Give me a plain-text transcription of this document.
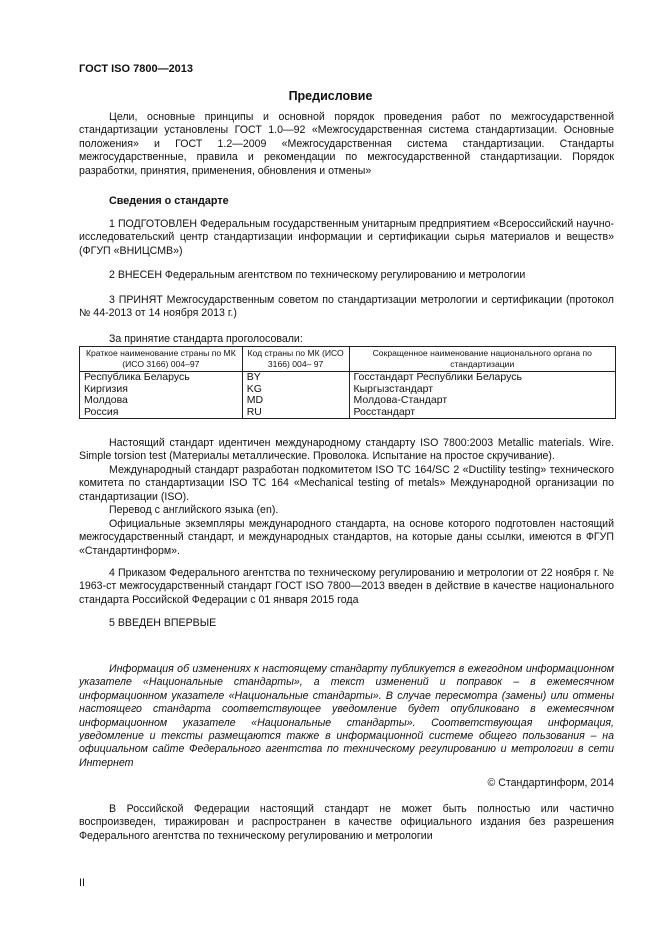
ГОСТ ISO 7800—2013
Предисловие

Цели, основные принципы и основной порядок проведения работ по межгосударственной стандартизации установлены ГОСТ 1.0—92 «Межгосударственная система стандартизации. Основные положения» и ГОСТ 1.2—2009 «Межгосударственная система стандартизации. Стандарты межгосударственные, правила и рекомендации по межгосударственной стандартизации. Порядок разработки, принятия, применения, обновления и отмены»

Сведения о стандарте

1 ПОДГОТОВЛЕН Федеральным государственным унитарным предприятием «Всероссийский научно-исследовательский центр стандартизации информации и сертификации сырья материалов и веществ» (ФГУП «ВНИЦСМВ»)

2 ВНЕСЕН Федеральным агентством по техническому регулированию и метрологии

3 ПРИНЯТ Межгосударственным советом по стандартизации метрологии и сертификации (протокол № 44-2013 от 14 ноября 2013 г.)

За принятие стандарта проголосовали:

Краткое наименование страны по МК (ИСО 3166) 004–97	Код страны по МК (ИСО 3166) 004– 97	Сокращенное наименование национального органа по стандартизации
Республика Беларусь	BY	Госстандарт Республики Беларусь
Киргизия	KG	Кыргызстандарт
Молдова	MD	Молдова-Стандарт
Россия	RU	Росстандарт

Настоящий стандарт идентичен международному стандарту ISO 7800:2003 Metallic materials. Wire. Simple torsion test (Материалы металлические. Проволока. Испытание на простое скручивание).

Международный стандарт разработан подкомитетом ISO TC 164/SC 2 «Ductility testing» технического комитета по стандартизации ISO TC 164 «Mechanical testing of metals» Международной организации по стандартизации (ISO).

Перевод с английского языка (en).

Официальные экземпляры международного стандарта, на основе которого подготовлен настоящий межгосударственный стандарт, и международных стандартов, на которые даны ссылки, имеются в ФГУП «Стандартинформ».

4 Приказом Федерального агентства по техническому регулированию и метрологии от 22 ноября г. № 1963-ст межгосударственный стандарт ГОСТ ISO 7800—2013 введен в действие в качестве национального стандарта Российской Федерации с 01 января 2015 года

5 ВВЕДЕН ВПЕРВЫЕ

Информация об изменениях к настоящему стандарту публикуется в ежегодном информационном указателе «Национальные стандарты», а текст изменений и поправок – в ежемесячном информационном указателе «Национальные стандарты». В случае пересмотра (замены) или отмены настоящего стандарта соответствующее уведомление будет опубликовано в ежемесячном информационном указателе «Национальные стандарты». Соответствующая информация, уведомление и тексты размещаются также в информационной системе общего пользования – на официальном сайте Федерального агентства по техническому регулированию и метрологии в сети Интернет

© Стандартинформ, 2014

В Российской Федерации настоящий стандарт не может быть полностью или частично воспроизведен, тиражирован и распространен в качестве официального издания без разрешения Федерального агентства по техническому регулированию и метрологии

II
